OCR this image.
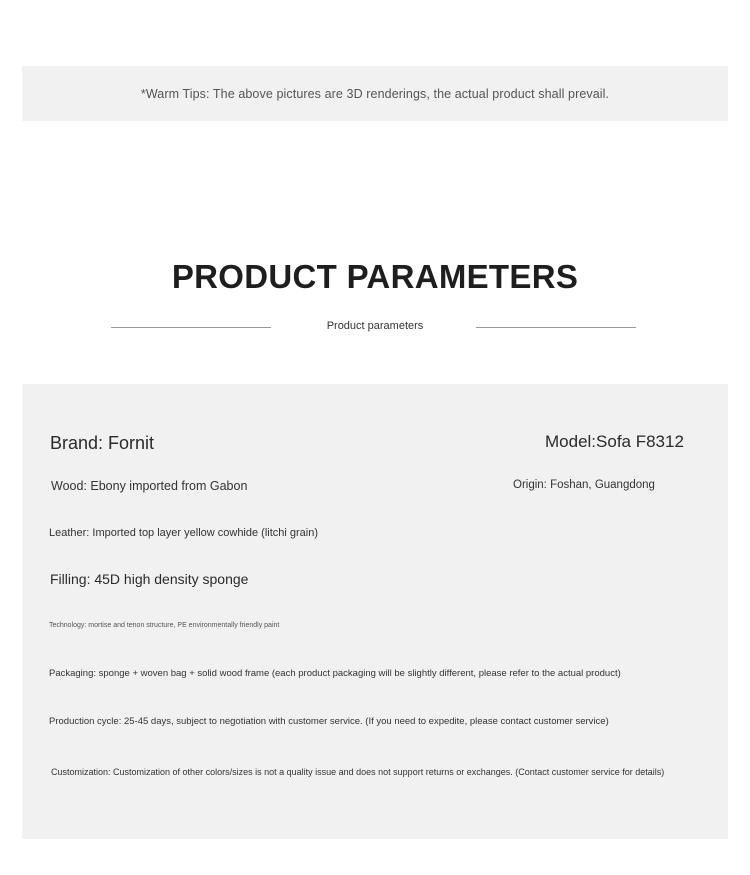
*Warm Tips: The above pictures are 3D renderings, the actual product shall prevail.
PRODUCT PARAMETERS
Product parameters
Brand: Fornit	Model:Sofa F8312
Wood: Ebony imported from Gabon	Origin: Foshan, Guangdong
Leather: Imported top layer yellow cowhide (litchi grain)
Filling: 45D high density sponge
Technology: mortise and tenon structure, PE environmentally friendly paint
Packaging: sponge + woven bag + solid wood frame (each product packaging will be slightly different, please refer to the actual product)
Production cycle: 25-45 days, subject to negotiation with customer service. (If you need to expedite, please contact customer service)
Customization: Customization of other colors/sizes is not a quality issue and does not support returns or exchanges. (Contact customer service for details)
